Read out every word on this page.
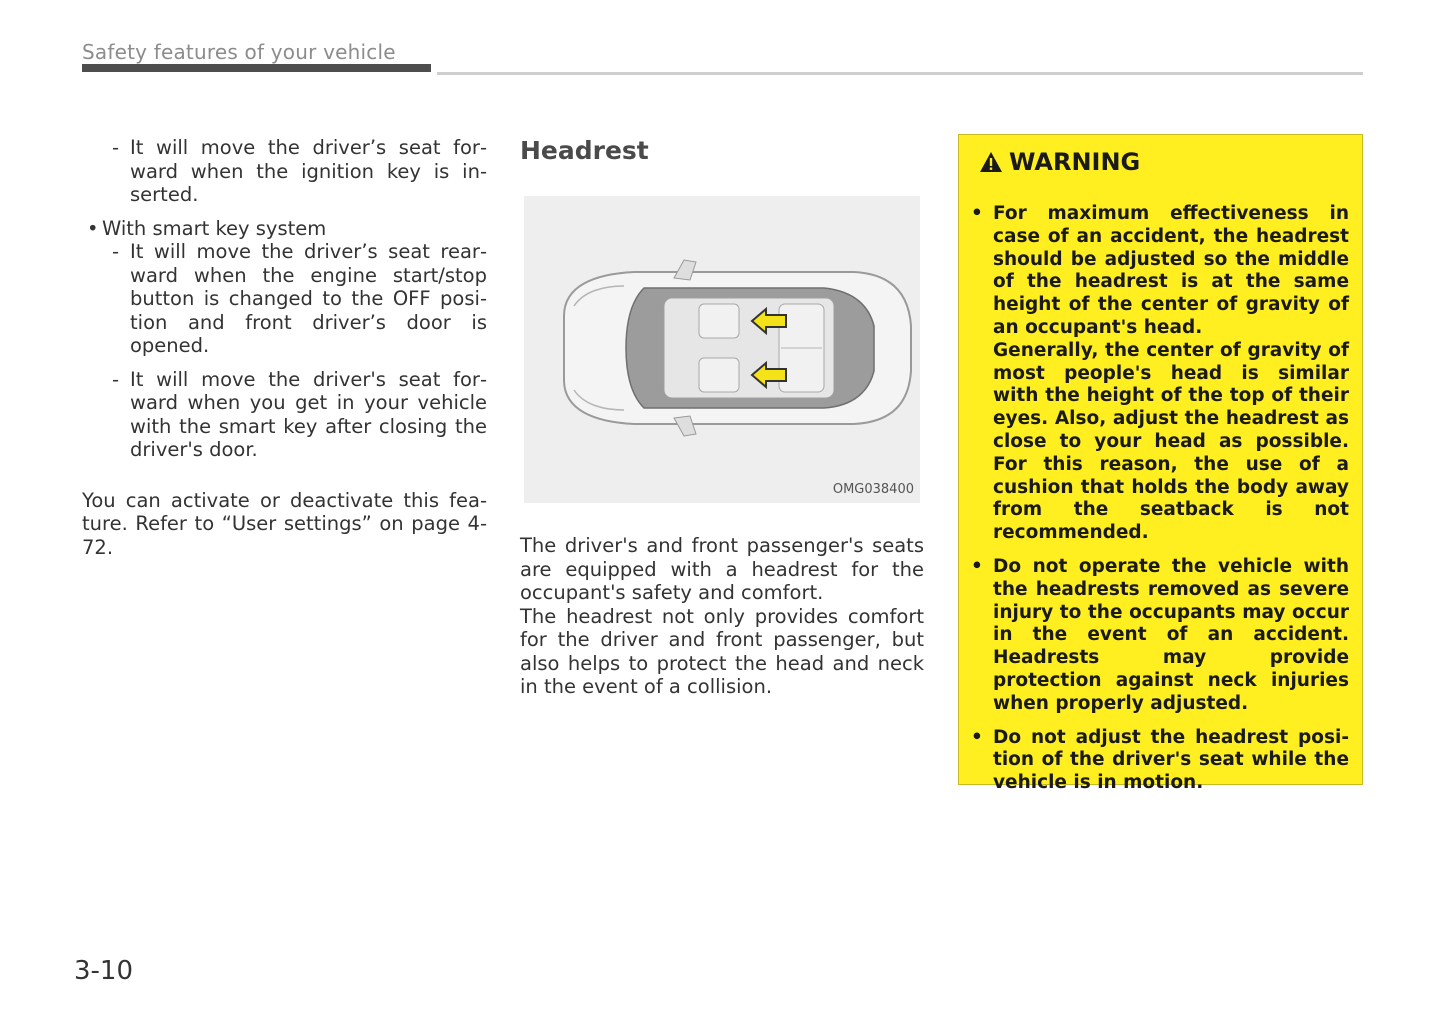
Safety features of your vehicle
- It will move the driver’s seat forward when the ignition key is inserted.
• With smart key system
- It will move the driver’s seat rearward when the engine start/stop button is changed to the OFF position and front driver’s door is opened.
- It will move the driver's seat forward when you get in your vehicle with the smart key after closing the driver's door.
You can activate or deactivate this feature. Refer to “User settings” on page 4-72.
Headrest
OMG038400

The driver's and front passenger's seats are equipped with a headrest for the occupant's safety and comfort.

The headrest not only provides comfort for the driver and front passenger, but also helps to protect the head and neck in the event of a collision.

WARNING
• For maximum effectiveness in case of an accident, the headrest should be adjusted so the middle of the headrest is at the same height of the center of gravity of an occupant's head.

Generally, the center of gravity of most people's head is similar with the height of the top of their eyes. Also, adjust the headrest as close to your head as possible. For this reason, the use of a cushion that holds the body away from the seatback is not recommended.

• Do not operate the vehicle with the headrests removed as severe injury to the occupants may occur in the event of an accident. Headrests may provide protection against neck injuries when properly adjusted.

• Do not adjust the headrest position of the driver's seat while the vehicle is in motion.

3-10
